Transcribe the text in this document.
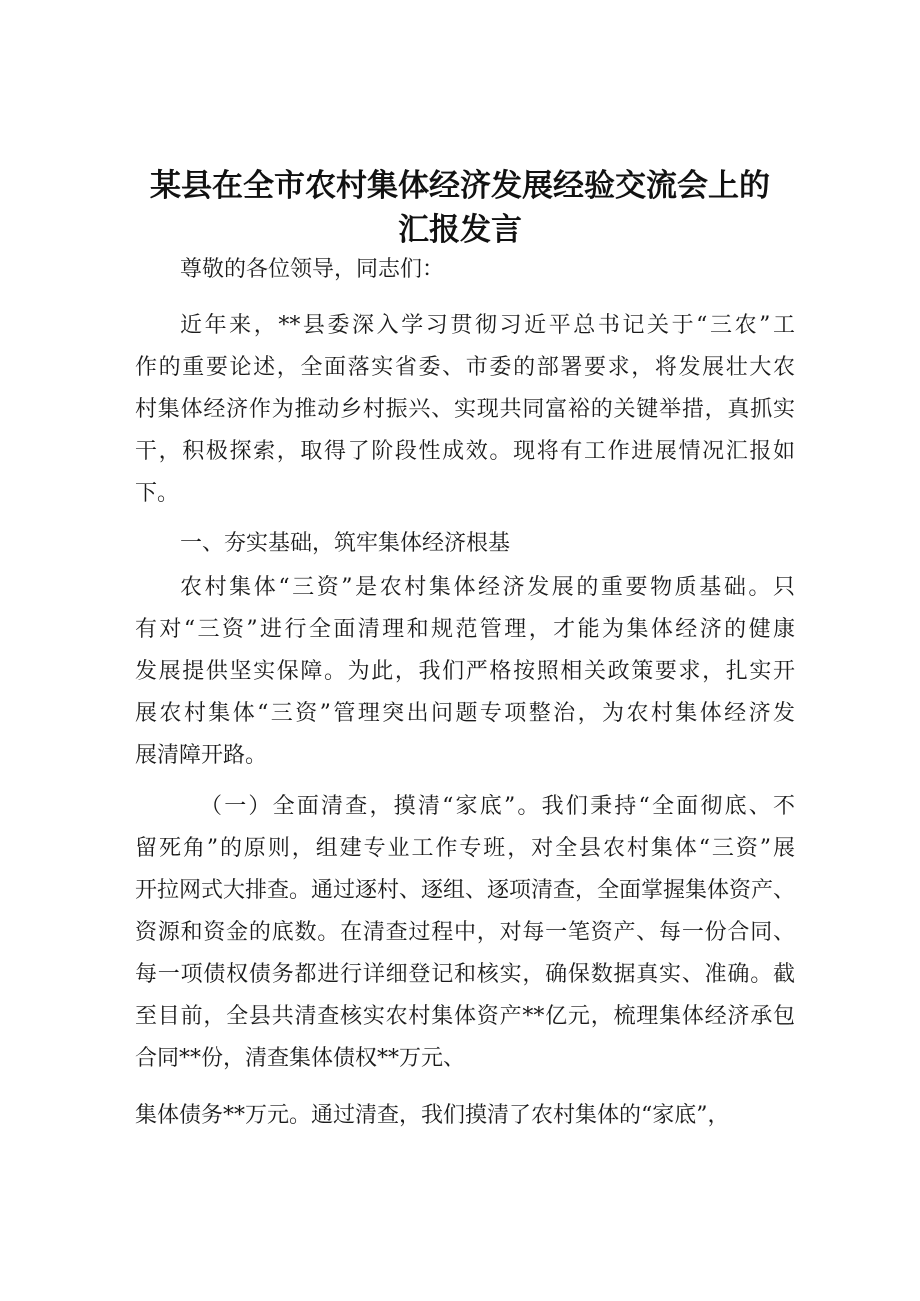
某县在全市农村集体经济发展经验交流会上的
汇报发言
尊敬的各位领导，同志们：
近年来，**县委深入学习贯彻习近平总书记关于“三农”工
作的重要论述，全面落实省委、市委的部署要求，将发展壮大农
村集体经济作为推动乡村振兴、实现共同富裕的关键举措，真抓实
干，积极探索，取得了阶段性成效。现将有工作进展情况汇报如
下。
一、夯实基础，筑牢集体经济根基
农村集体“三资”是农村集体经济发展的重要物质基础。只
有对“三资”进行全面清理和规范管理，才能为集体经济的健康
发展提供坚实保障。为此，我们严格按照相关政策要求，扎实开
展农村集体“三资”管理突出问题专项整治，为农村集体经济发
展清障开路。
（一）全面清查，摸清“家底”。我们秉持“全面彻底、不
留死角”的原则，组建专业工作专班，对全县农村集体“三资”展
开拉网式大排查。通过逐村、逐组、逐项清查，全面掌握集体资产、
资源和资金的底数。在清查过程中，对每一笔资产、每一份合同、
每一项债权债务都进行详细登记和核实，确保数据真实、准确。截
至目前，全县共清查核实农村集体资产**亿元，梳理集体经济承包
合同**份，清查集体债权**万元、
集体债务**万元。通过清查，我们摸清了农村集体的“家底”，
